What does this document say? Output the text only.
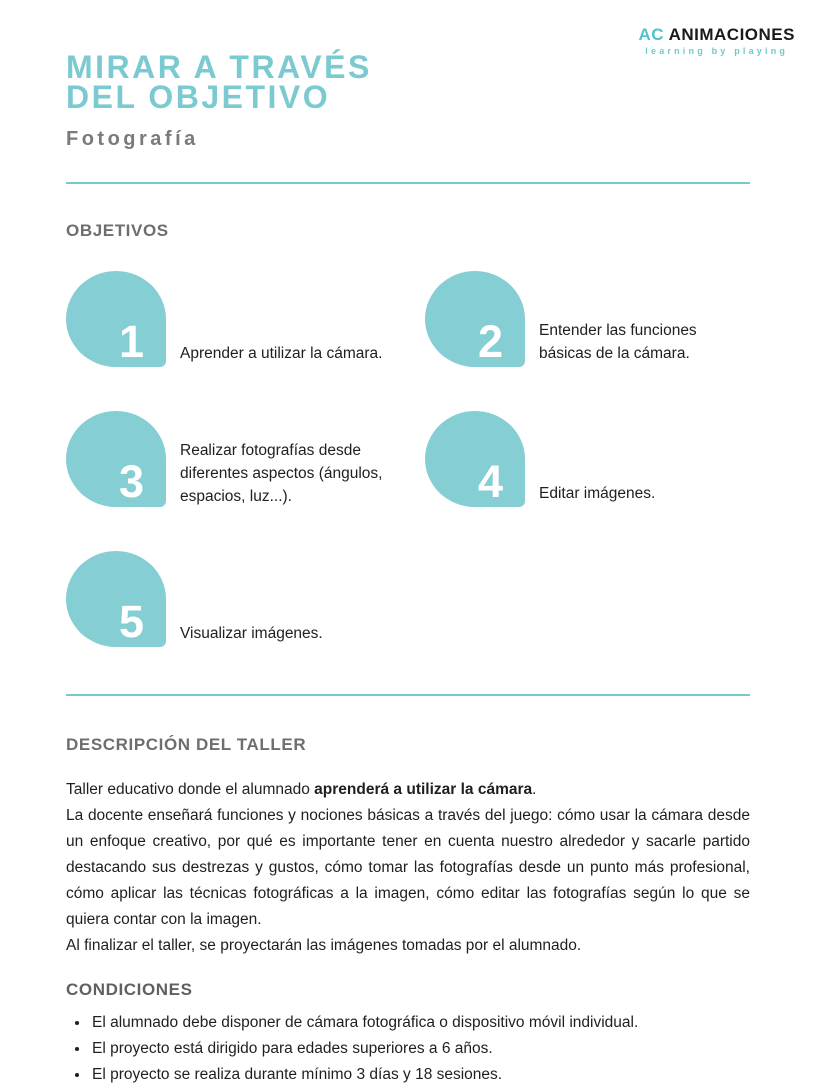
AC ANIMACIONES
learning by playing
MIRAR A TRAVÉS
DEL OBJETIVO
Fotografía
OBJETIVOS
1 Aprender a utilizar la cámara. 2 Entender las funciones básicas de la cámara.
3
Realizar fotografías desde diferentes aspectos (ángulos, espacios, luz...).	4 Editar imágenes.
5 Visualizar imágenes.
DESCRIPCIÓN DEL TALLER

Taller educativo donde el alumnado aprenderá a utilizar la cámara.

La docente enseñará funciones y nociones básicas a través del juego: cómo usar la cámara desde un enfoque creativo, por qué es importante tener en cuenta nuestro alrededor y sacarle partido destacando sus destrezas y gustos, cómo tomar las fotografías desde un punto más profesional, cómo aplicar las técnicas fotográficas a la imagen, cómo editar las fotografías según lo que se quiera contar con la imagen.

Al finalizar el taller, se proyectarán las imágenes tomadas por el alumnado.

CONDICIONES
• El alumnado debe disponer de cámara fotográfica o dispositivo móvil individual.
• El proyecto está dirigido para edades superiores a 6 años.
• El proyecto se realiza durante mínimo 3 días y 18 sesiones.
